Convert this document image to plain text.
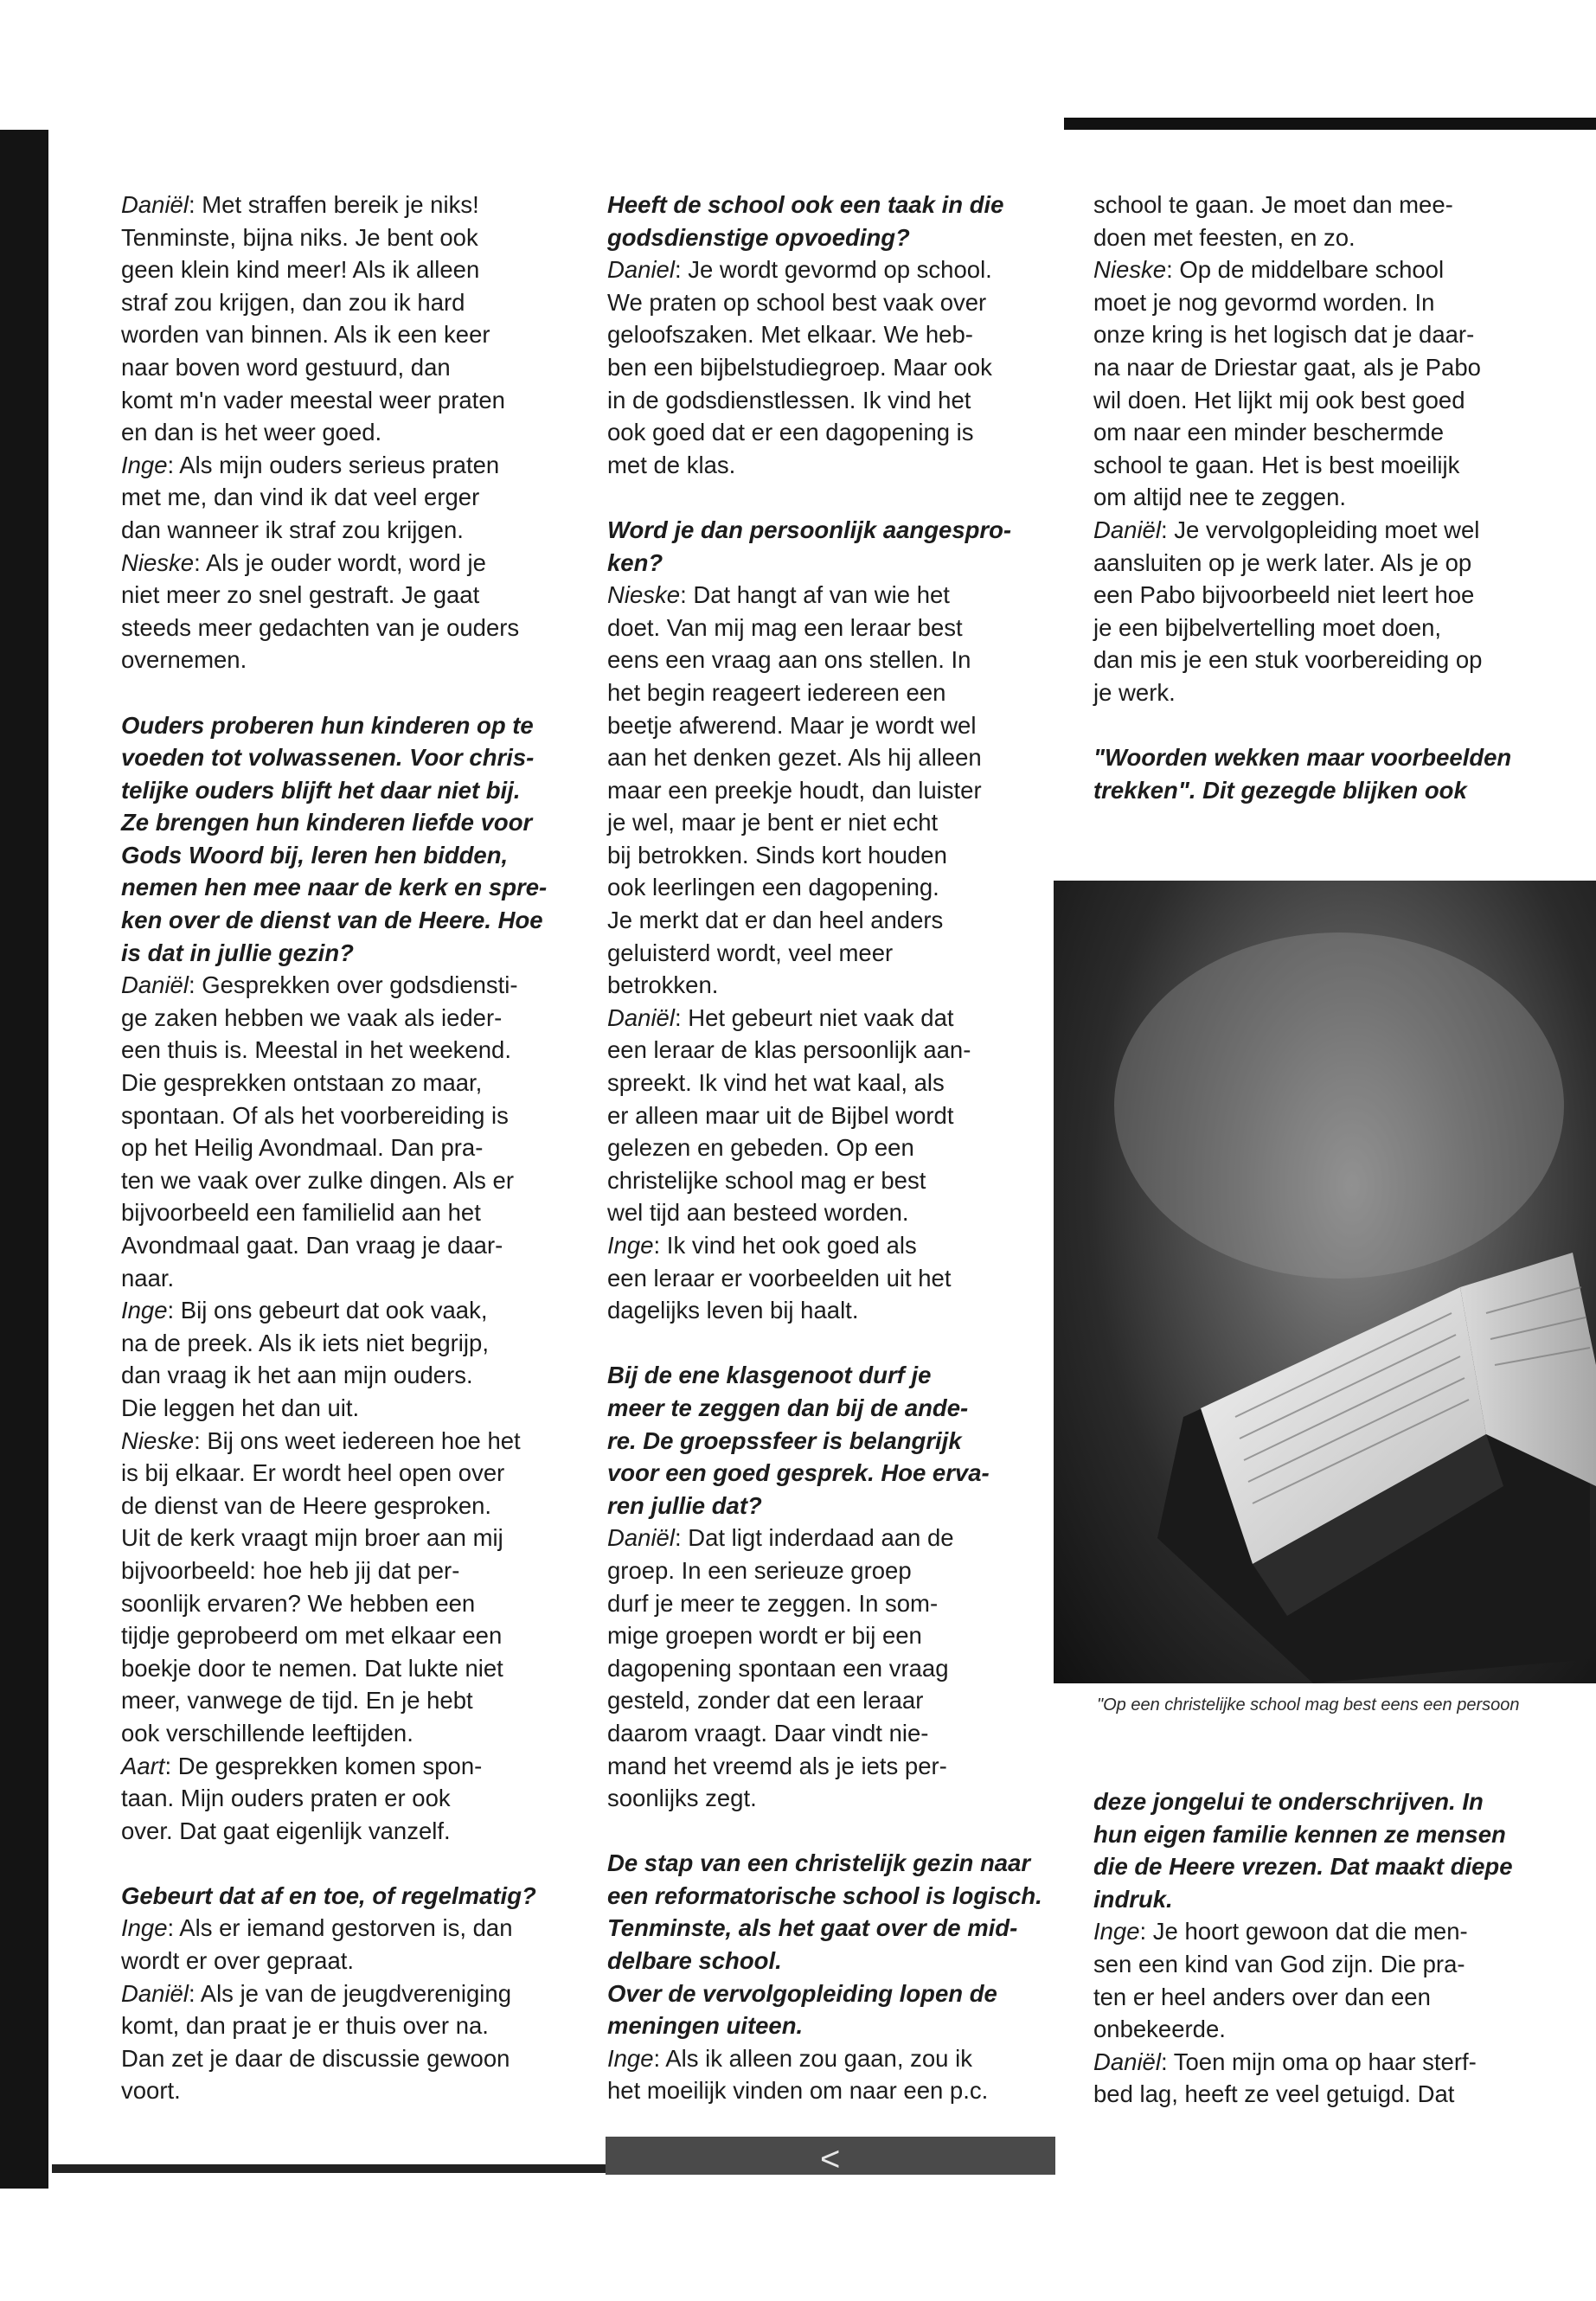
Daniël: Met straffen bereik je niks!
Tenminste, bijna niks. Je bent ook
geen klein kind meer! Als ik alleen
straf zou krijgen, dan zou ik hard
worden van binnen. Als ik een keer
naar boven word gestuurd, dan
komt m'n vader meestal weer praten
en dan is het weer goed.

Inge: Als mijn ouders serieus praten
met me, dan vind ik dat veel erger
dan wanneer ik straf zou krijgen.

Nieske: Als je ouder wordt, word je
niet meer zo snel gestraft. Je gaat
steeds meer gedachten van je ouders
overnemen.

Ouders proberen hun kinderen op te
voeden tot volwassenen. Voor chris-
telijke ouders blijft het daar niet bij.
Ze brengen hun kinderen liefde voor
Gods Woord bij, leren hen bidden,
nemen hen mee naar de kerk en spre-
ken over de dienst van de Heere. Hoe
is dat in jullie gezin?

Daniël: Gesprekken over godsdiensti-
ge zaken hebben we vaak als ieder-
een thuis is. Meestal in het weekend.
Die gesprekken ontstaan zo maar,
spontaan. Of als het voorbereiding is
op het Heilig Avondmaal. Dan pra-
ten we vaak over zulke dingen. Als er
bijvoorbeeld een familielid aan het
Avondmaal gaat. Dan vraag je daar-
naar.

Inge: Bij ons gebeurt dat ook vaak,
na de preek. Als ik iets niet begrijp,
dan vraag ik het aan mijn ouders.
Die leggen het dan uit.

Nieske: Bij ons weet iedereen hoe het
is bij elkaar. Er wordt heel open over
de dienst van de Heere gesproken.
Uit de kerk vraagt mijn broer aan mij
bijvoorbeeld: hoe heb jij dat per-
soonlijk ervaren? We hebben een
tijdje geprobeerd om met elkaar een
boekje door te nemen. Dat lukte niet
meer, vanwege de tijd. En je hebt
ook verschillende leeftijden.

Aart: De gesprekken komen spon-
taan. Mijn ouders praten er ook
over. Dat gaat eigenlijk vanzelf.

Gebeurt dat af en toe, of regelmatig?

Inge: Als er iemand gestorven is, dan
wordt er over gepraat.

Daniël: Als je van de jeugdvereniging
komt, dan praat je er thuis over na.
Dan zet je daar de discussie gewoon
voort.

Heeft de school ook een taak in die
godsdienstige opvoeding?

Daniel: Je wordt gevormd op school.
We praten op school best vaak over
geloofszaken. Met elkaar. We heb-
ben een bijbelstudiegroep. Maar ook
in de godsdienstlessen. Ik vind het
ook goed dat er een dagopening is
met de klas.

Word je dan persoonlijk aangespro-
ken?

Nieske: Dat hangt af van wie het
doet. Van mij mag een leraar best
eens een vraag aan ons stellen. In
het begin reageert iedereen een
beetje afwerend. Maar je wordt wel
aan het denken gezet. Als hij alleen
maar een preekje houdt, dan luister
je wel, maar je bent er niet echt
bij betrokken. Sinds kort houden
ook leerlingen een dagopening.
Je merkt dat er dan heel anders
geluisterd wordt, veel meer
betrokken.

Daniël: Het gebeurt niet vaak dat
een leraar de klas persoonlijk aan-
spreekt. Ik vind het wat kaal, als
er alleen maar uit de Bijbel wordt
gelezen en gebeden. Op een
christelijke school mag er best
wel tijd aan besteed worden.

Inge: Ik vind het ook goed als
een leraar er voorbeelden uit het
dagelijks leven bij haalt.

Bij de ene klasgenoot durf je
meer te zeggen dan bij de ande-
re. De groepssfeer is belangrijk
voor een goed gesprek. Hoe erva-
ren jullie dat?

Daniël: Dat ligt inderdaad aan de
groep. In een serieuze groep
durf je meer te zeggen. In som-
mige groepen wordt er bij een
dagopening spontaan een vraag
gesteld, zonder dat een leraar
daarom vraagt. Daar vindt nie-
mand het vreemd als je iets per-
soonlijks zegt.

De stap van een christelijk gezin naar
een reformatorische school is logisch.
Tenminste, als het gaat over de mid-
delbare school.

Over de vervolgopleiding lopen de
meningen uiteen.

Inge: Als ik alleen zou gaan, zou ik
het moeilijk vinden om naar een p.c.

school te gaan. Je moet dan mee-
doen met feesten, en zo.

Nieske: Op de middelbare school
moet je nog gevormd worden. In
onze kring is het logisch dat je daar-
na naar de Driestar gaat, als je Pabo
wil doen. Het lijkt mij ook best goed
om naar een minder beschermde
school te gaan. Het is best moeilijk
om altijd nee te zeggen.

Daniël: Je vervolgopleiding moet wel
aansluiten op je werk later. Als je op
een Pabo bijvoorbeeld niet leert hoe
je een bijbelvertelling moet doen,
dan mis je een stuk voorbereiding op
je werk.

"Woorden wekken maar voorbeelden
trekken". Dit gezegde blijken ook

"Op een christelijke school mag best eens een persoon

deze jongelui te onderschrijven. In
hun eigen familie kennen ze mensen
die de Heere vrezen. Dat maakt diepe
indruk.

Inge: Je hoort gewoon dat die men-
sen een kind van God zijn. Die pra-
ten er heel anders over dan een
onbekeerde.

Daniël: Toen mijn oma op haar sterf-
bed lag, heeft ze veel getuigd. Dat

<
